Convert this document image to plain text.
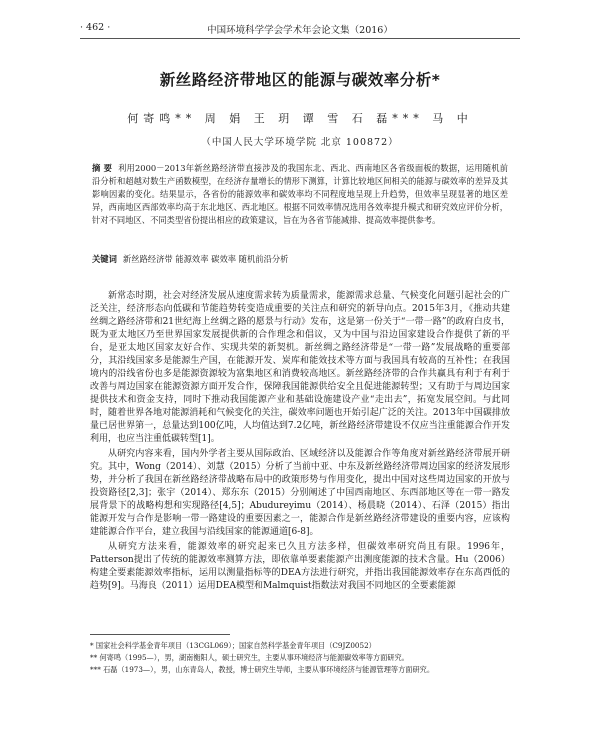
· 462 ·	中国环境科学学会学术年会论文集（2016）
新丝路经济带地区的能源与碳效率分析*
何寄鸣** 周 娟 王 玥 谭 雪 石 磊*** 马 中
（中国人民大学环境学院 北京 100872）
摘 要 利用2000－2013年新丝路经济带直接涉及的我国东北、西北、西南地区各省级面板的数据，运用随机前沿分析和超越对数生产函数模型，在经济存量增长的情形下测算，计算比较地区间相关的能源与碳效率的差异及其影响因素的变化。结果显示，各省份的能源效率和碳效率均不同程度地呈现上升趋势，但效率呈现显著的地区差异，西南地区西部效率均高于东北地区、西北地区。根据不同效率情况选用各效率提升模式和研究效应评价分析，针对不同地区、不同类型省份提出相应的政策建议，旨在为各省节能减排、提高效率提供参考。
关键词 新丝路经济带 能源效率 碳效率 随机前沿分析

新常态时期，社会对经济发展从速度需求转为质量需求，能源需求总量、气候变化问题引起社会的广泛关注，经济形态向低碳和节能趋势转变造成重要的关注点和研究的新导向点。2015年3月，《推动共建丝绸之路经济带和21世纪海上丝绸之路的愿景与行动》发布，这是第一份关于“一带一路”的政府白皮书，既为亚太地区乃至世界国家发展提供新的合作理念和倡议，又为中国与沿边国家建设合作提供了新的平台，是亚太地区国家友好合作、实现共荣的新契机。新丝绸之路经济带是“一带一路”发展战略的重要部分，其沿线国家多是能源生产国，在能源开发、炭库和能效技术等方面与我国具有较高的互补性；在我国境内的沿线省份也多是能源资源较为富集地区和消费较高地区。新丝路经济带的合作共赢具有利于有利于改善与周边国家在能源资源方面开发合作，保障我国能源供给安全且促进能源转型；又有助于与周边国家提供技术和资金支持，同时下推动我国能源产业和基础设施建设产业“走出去”，拓宽发展空间。与此同时，随着世界各地对能源消耗和气候变化的关注，碳效率问题也开始引起广泛的关注。2013年中国碳排放量已居世界第一，总量达到100亿吨，人均值达到7.2亿吨，新丝路经济带建设不仅应当注重能源合作开发利用，也应当注重低碳转型[1]。

从研究内容来看，国内外学者主要从国际政治、区域经济以及能源合作等角度对新丝路经济带展开研究。其中，Wong（2014）、刘慧（2015）分析了当前中亚、中东及新丝路经济带周边国家的经济发展形势，并分析了我国在新丝路经济带战略布局中的政策形势与作用变化，提出中国对这些周边国家的开放与投资路径[2,3]；张宇（2014）、郑东东（2015）分别阐述了中国西南地区、东西部地区等在一带一路发展背景下的战略构想和实现路径[4,5]；Abudureyimu（2014）、杨晨晓（2014）、石泽（2015）指出能源开发与合作是影响一带一路建设的重要因素之一，能源合作是新丝路经济带建设的重要内容，应该构建能源合作平台，建立我国与沿线国家的能源通道[6-8]。

从研究方法来看，能源效率的研究起来已久且方法多样，但碳效率研究尚且有限。1996年，Patterson提出了传统的能源效率测算方法，即依靠单要素能源产出测度能源的技术含量。Hu（2006）构建全要素能源效率指标，运用以测量指标等的DEA方法进行研究，并指出我国能源效率存在东高西低的趋势[9]。马海良（2011）运用DEA模型和Malmquist指数法对我国不同地区的全要素能源

* 国家社会科学基金青年项目（13CGL069）；国家自然科学基金青年项目（C9JZ0052）
** 何寄鸣（1995—），男，湖南衡阳人，硕士研究生，主要从事环境经济与能源碳效率等方面研究。
*** 石磊（1973—），男，山东青岛人，教授，博士研究生导师，主要从事环境经济与能源管理等方面研究。
